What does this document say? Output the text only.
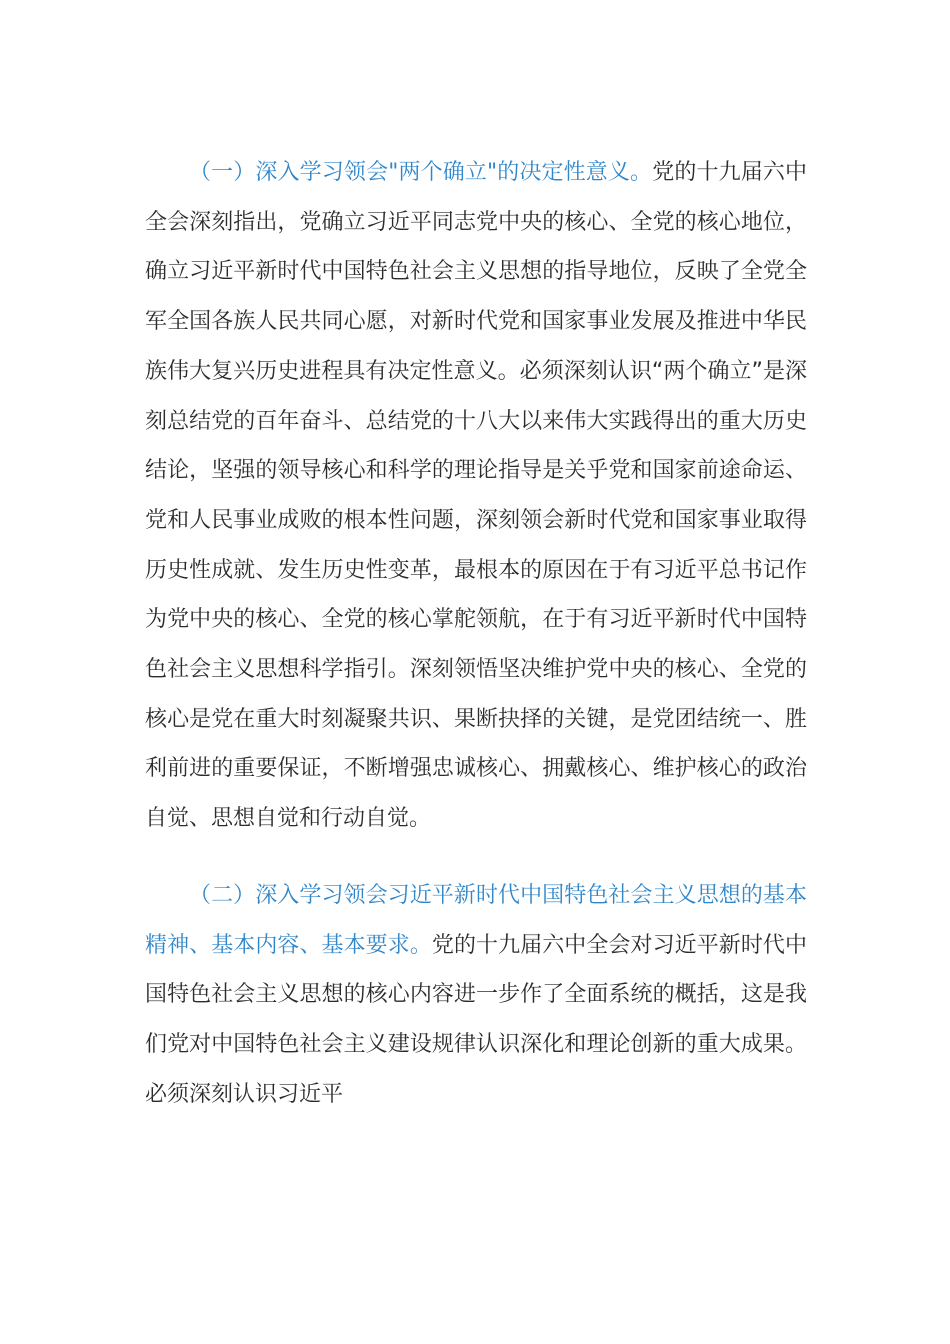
（一）深入学习领会"两个确立"的决定性意义。党的十九届六中全会深刻指出，党确立习近平同志党中央的核心、全党的核心地位，确立习近平新时代中国特色社会主义思想的指导地位，反映了全党全军全国各族人民共同心愿，对新时代党和国家事业发展及推进中华民族伟大复兴历史进程具有决定性意义。必须深刻认识“两个确立”是深刻总结党的百年奋斗、总结党的十八大以来伟大实践得出的重大历史结论，坚强的领导核心和科学的理论指导是关乎党和国家前途命运、党和人民事业成败的根本性问题，深刻领会新时代党和国家事业取得历史性成就、发生历史性变革，最根本的原因在于有习近平总书记作为党中央的核心、全党的核心掌舵领航，在于有习近平新时代中国特色社会主义思想科学指引。深刻领悟坚决维护党中央的核心、全党的核心是党在重大时刻凝聚共识、果断抉择的关键，是党团结统一、胜利前进的重要保证，不断增强忠诚核心、拥戴核心、维护核心的政治自觉、思想自觉和行动自觉。

（二）深入学习领会习近平新时代中国特色社会主义思想的基本精神、基本内容、基本要求。党的十九届六中全会对习近平新时代中国特色社会主义思想的核心内容进一步作了全面系统的概括，这是我们党对中国特色社会主义建设规律认识深化和理论创新的重大成果。必须深刻认识习近平
